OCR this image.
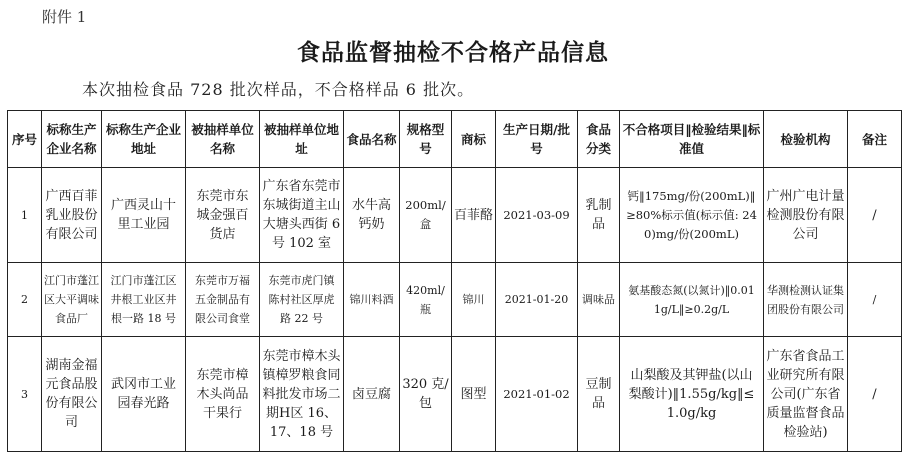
附件 1
食品监督抽检不合格产品信息
本次抽检食品 728 批次样品，不合格样品 6 批次。
序号	标称生产企业名称	标称生产企业地址	被抽样单位名称	被抽样单位地址	食品名称	规格型号	商标	生产日期/批号	食品分类	不合格项目‖检验结果‖标准值	检验机构	备注
1	广西百菲乳业股份有限公司	广西灵山十里工业园	东莞市东城金强百货店	广东省东莞市东城街道主山大塘头西街 6 号 102 室	水牛高钙奶	200ml/盒	百菲酪	2021-03-09	乳制品	钙‖175mg/份(200mL)‖≥80%标示值(标示值: 240)mg/份(200mL)	广州广电计量检测股份有限公司	/
2	江门市蓬江区大平调味食品厂	江门市蓬江区井根工业区井根一路 18 号	东莞市万福五金制品有限公司食堂	东莞市虎门镇陈村社区厚虎路 22 号	锦川料酒	420ml/瓶	锦川	2021-01-20	调味品	氨基酸态氮(以氮计)‖0.011g/L‖≥0.2g/L	华测检测认证集团股份有限公司	/
3	湖南金福元食品股份有限公司	武冈市工业园春光路	东莞市樟木头尚品干果行	东莞市樟木头镇樟罗粮食同料批发市场二期H区 16、17、18 号	卤豆腐	320 克/包	图型	2021-01-02	豆制品	山梨酸及其钾盐(以山梨酸计)‖1.55g/kg‖≤1.0g/kg	广东省食品工业研究所有限公司(广东省质量监督食品检验站)	/
